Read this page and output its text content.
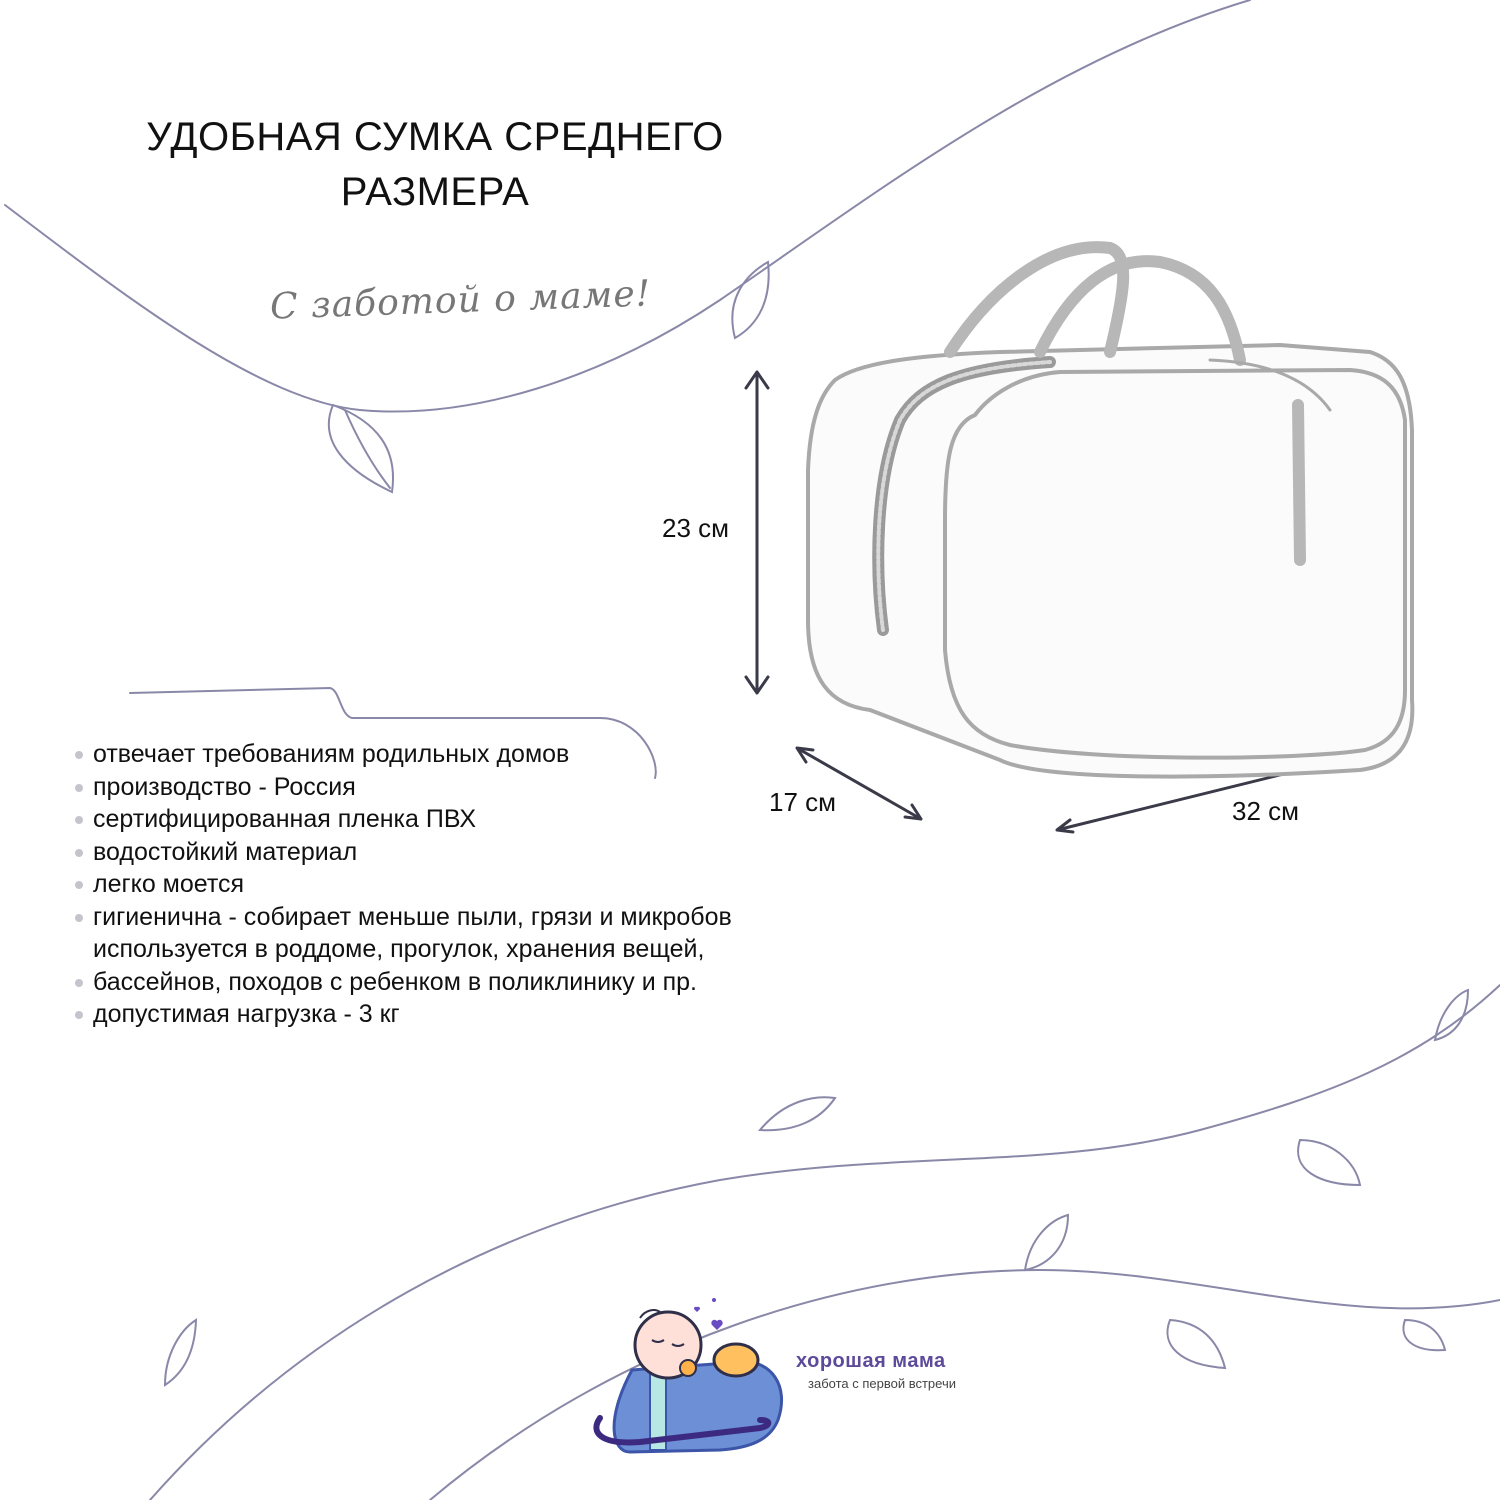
УДОБНАЯ СУМКА СРЕДНЕГО
РАЗМЕРА
С заботой о маме!
23 см
17 см	32 см
отвечает требованиям родильных домов
производство - Россия
сертифицированная пленка ПВХ
водостойкий материал
легко моется
гигиенична - собирает меньше пыли, грязи и микробов
используется в роддоме, прогулок, хранения вещей,
бассейнов, походов с ребенком в поликлинику и пр.
допустимая нагрузка - 3 кг
хорошая мама
забота с первой встречи
